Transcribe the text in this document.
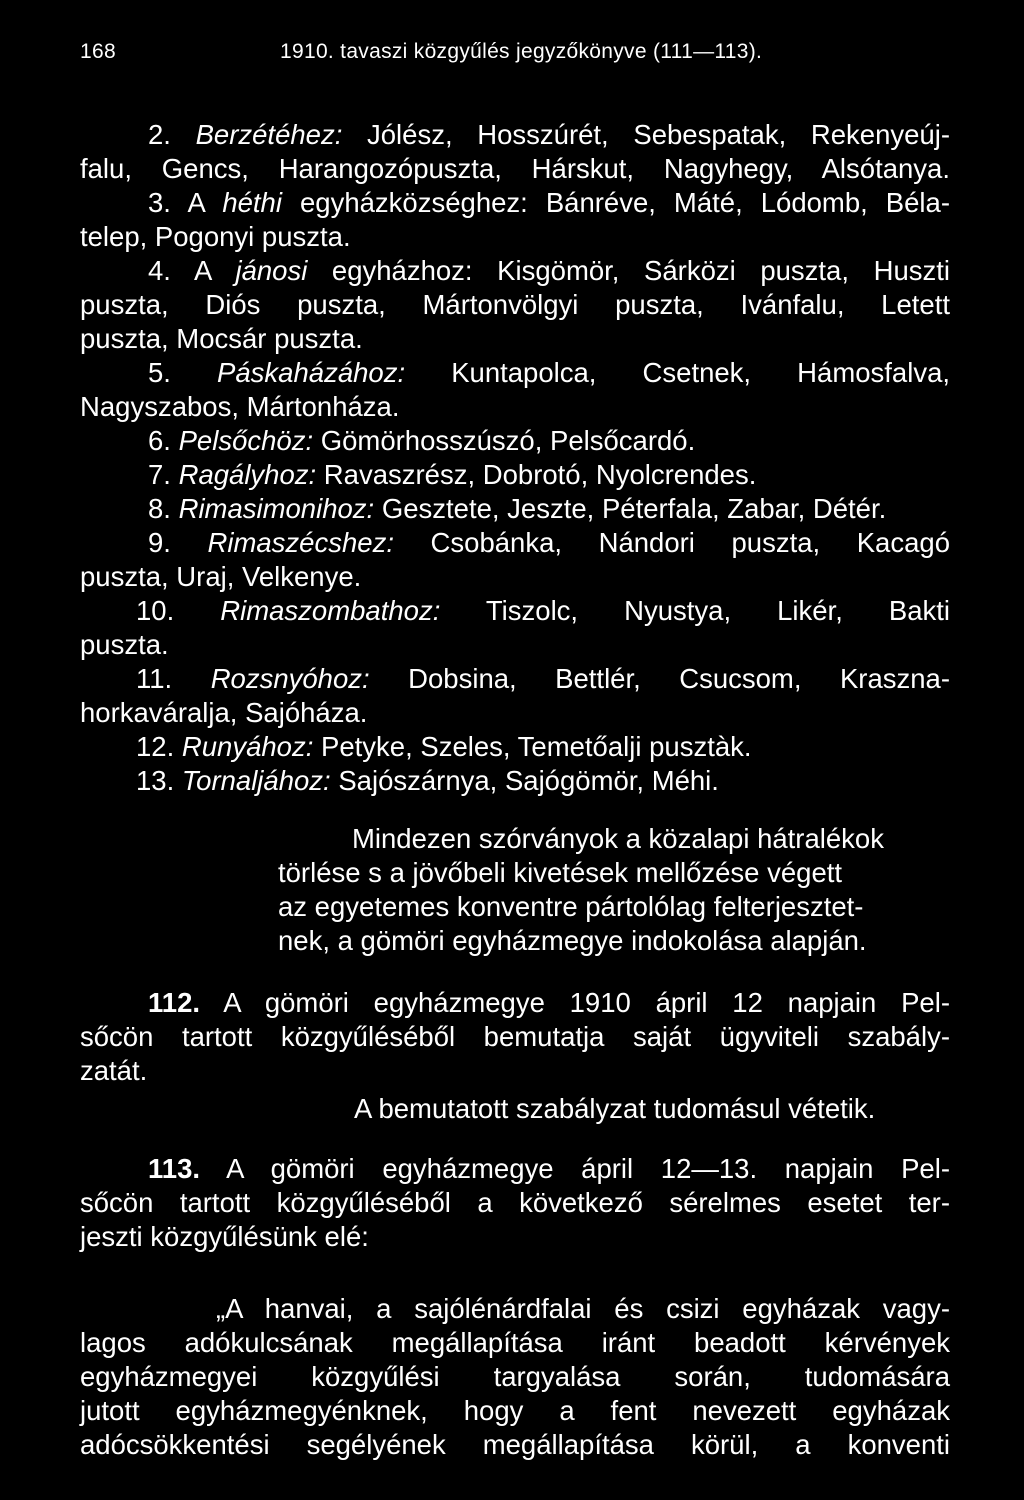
168	1910. tavaszi közgyűlés jegyzőkönyve (111—113).
2. Berzétéhez: Jólész, Hosszúrét, Sebespatak, Rekenyeúj-
falu, Gencs, Harangozópuszta, Hárskut, Nagyhegy, Alsótanya.
3. A héthi egyházközséghez: Bánréve, Máté, Lódomb, Béla-
telep, Pogonyi puszta.
4. A jánosi egyházhoz: Kisgömör, Sárközi puszta, Huszti
puszta, Diós puszta, Mártonvölgyi puszta, Ivánfalu, Letett
puszta, Mocsár puszta.
5. Páskaházához: Kuntapolca, Csetnek, Hámosfalva,
Nagyszabos, Mártonháza.
6. Pelsőchöz: Gömörhosszúszó, Pelsőcardó.
7. Ragályhoz: Ravaszrész, Dobrotó, Nyolcrendes.
8. Rimasimonihoz: Gesztete, Jeszte, Péterfala, Zabar, Détér.
9. Rimaszécshez: Csobánka, Nándori puszta, Kacagó
puszta, Uraj, Velkenye.
10. Rimaszombathoz: Tiszolc, Nyustya, Likér, Bakti
puszta.
11. Rozsnyóhoz: Dobsina, Bettlér, Csucsom, Kraszna-
horkaváralja, Sajóháza.
12. Runyához: Petyke, Szeles, Temetőalji pusztàk.
13. Tornaljához: Sajószárnya, Sajógömör, Méhi.
Mindezen szórványok a közalapi hátralékok
törlése s a jövőbeli kivetések mellőzése végett
az egyetemes konventre pártolólag felterjesztet-
nek, a gömöri egyházmegye indokolása alapján.
112. A gömöri egyházmegye 1910 ápril 12 napjain Pel-
sőcön tartott közgyűléséből bemutatja saját ügyviteli szabály-
zatát.
A bemutatott szabályzat tudomásul vétetik.
113. A gömöri egyházmegye ápril 12—13. napjain Pel-
sőcön tartott közgyűléséből a következő sérelmes esetet ter-
jeszti közgyűlésünk elé:
„A hanvai, a sajólénárdfalai és csizi egyházak vagy-
lagos adókulcsának megállapítása iránt beadott kérvények
egyházmegyei közgyűlési targyalása során, tudomására
jutott egyházmegyénknek, hogy a fent nevezett egyházak
adócsökkentési segélyének megállapítása körül, a konventi
